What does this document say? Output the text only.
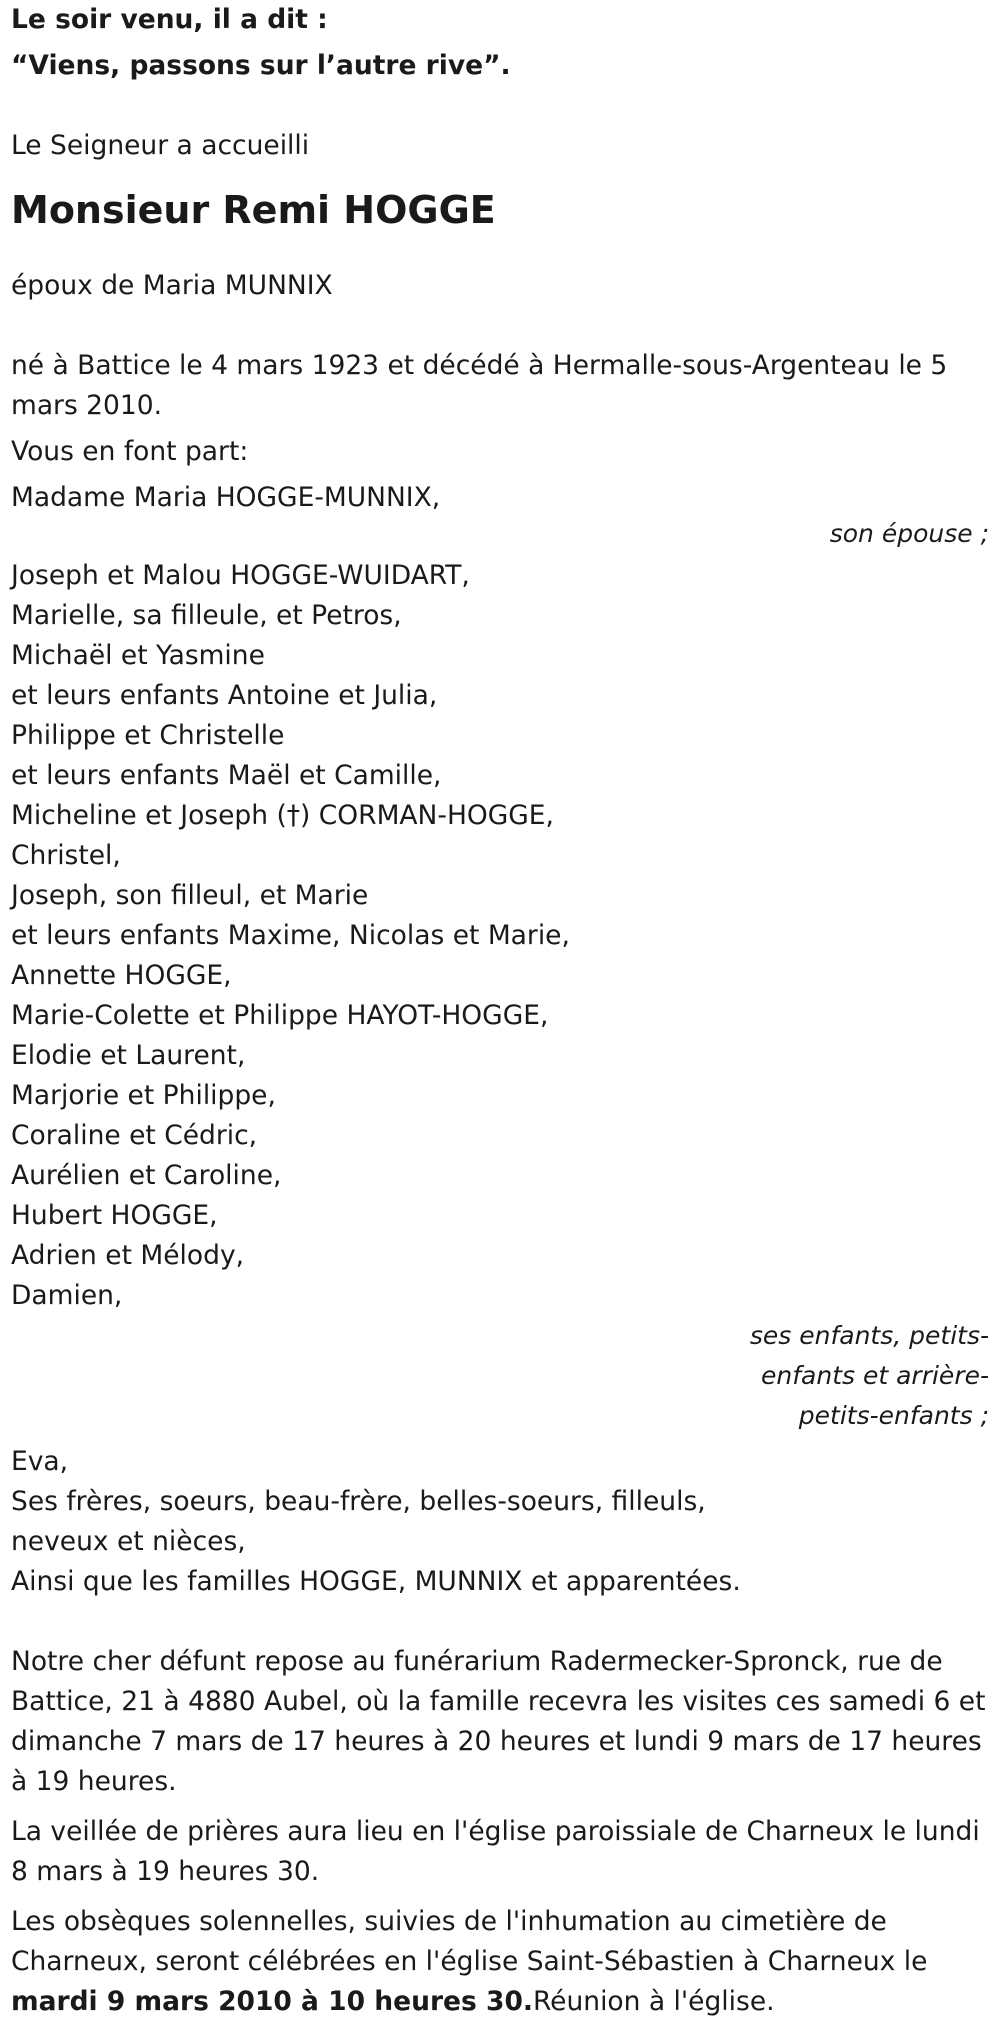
Le soir venu, il a dit :
“Viens, passons sur l’autre rive”.
Le Seigneur a accueilli
Monsieur Remi HOGGE
époux de Maria MUNNIX

né à Battice le 4 mars 1923 et décédé à Hermalle-sous-Argenteau le 5 mars 2010.

Vous en font part:
Madame Maria HOGGE-MUNNIX,
son épouse ;
Joseph et Malou HOGGE-WUIDART,
Marielle, sa filleule, et Petros,
Michaël et Yasmine
et leurs enfants Antoine et Julia,
Philippe et Christelle
et leurs enfants Maël et Camille,
Micheline et Joseph (†) CORMAN-HOGGE,
Christel,
Joseph, son filleul, et Marie
et leurs enfants Maxime, Nicolas et Marie,
Annette HOGGE,
Marie-Colette et Philippe HAYOT-HOGGE,
Elodie et Laurent,
Marjorie et Philippe,
Coraline et Cédric,
Aurélien et Caroline,
Hubert HOGGE,
Adrien et Mélody,
Damien,
ses enfants, petits-enfants et arrière-petits-enfants ;
Eva,
Ses frères, soeurs, beau-frère, belles-soeurs, filleuls,
neveux et nièces,
Ainsi que les familles HOGGE, MUNNIX et apparentées.

Notre cher défunt repose au funérarium Radermecker-Spronck, rue de Battice, 21 à 4880 Aubel, où la famille recevra les visites ces samedi 6 et dimanche 7 mars de 17 heures à 20 heures et lundi 9 mars de 17 heures à 19 heures.

La veillée de prières aura lieu en l'église paroissiale de Charneux le lundi 8 mars à 19 heures 30.

Les obsèques solennelles, suivies de l'inhumation au cimetière de Charneux, seront célébrées en l'église Saint-Sébastien à Charneux le mardi 9 mars 2010 à 10 heures 30.Réunion à l'église.
